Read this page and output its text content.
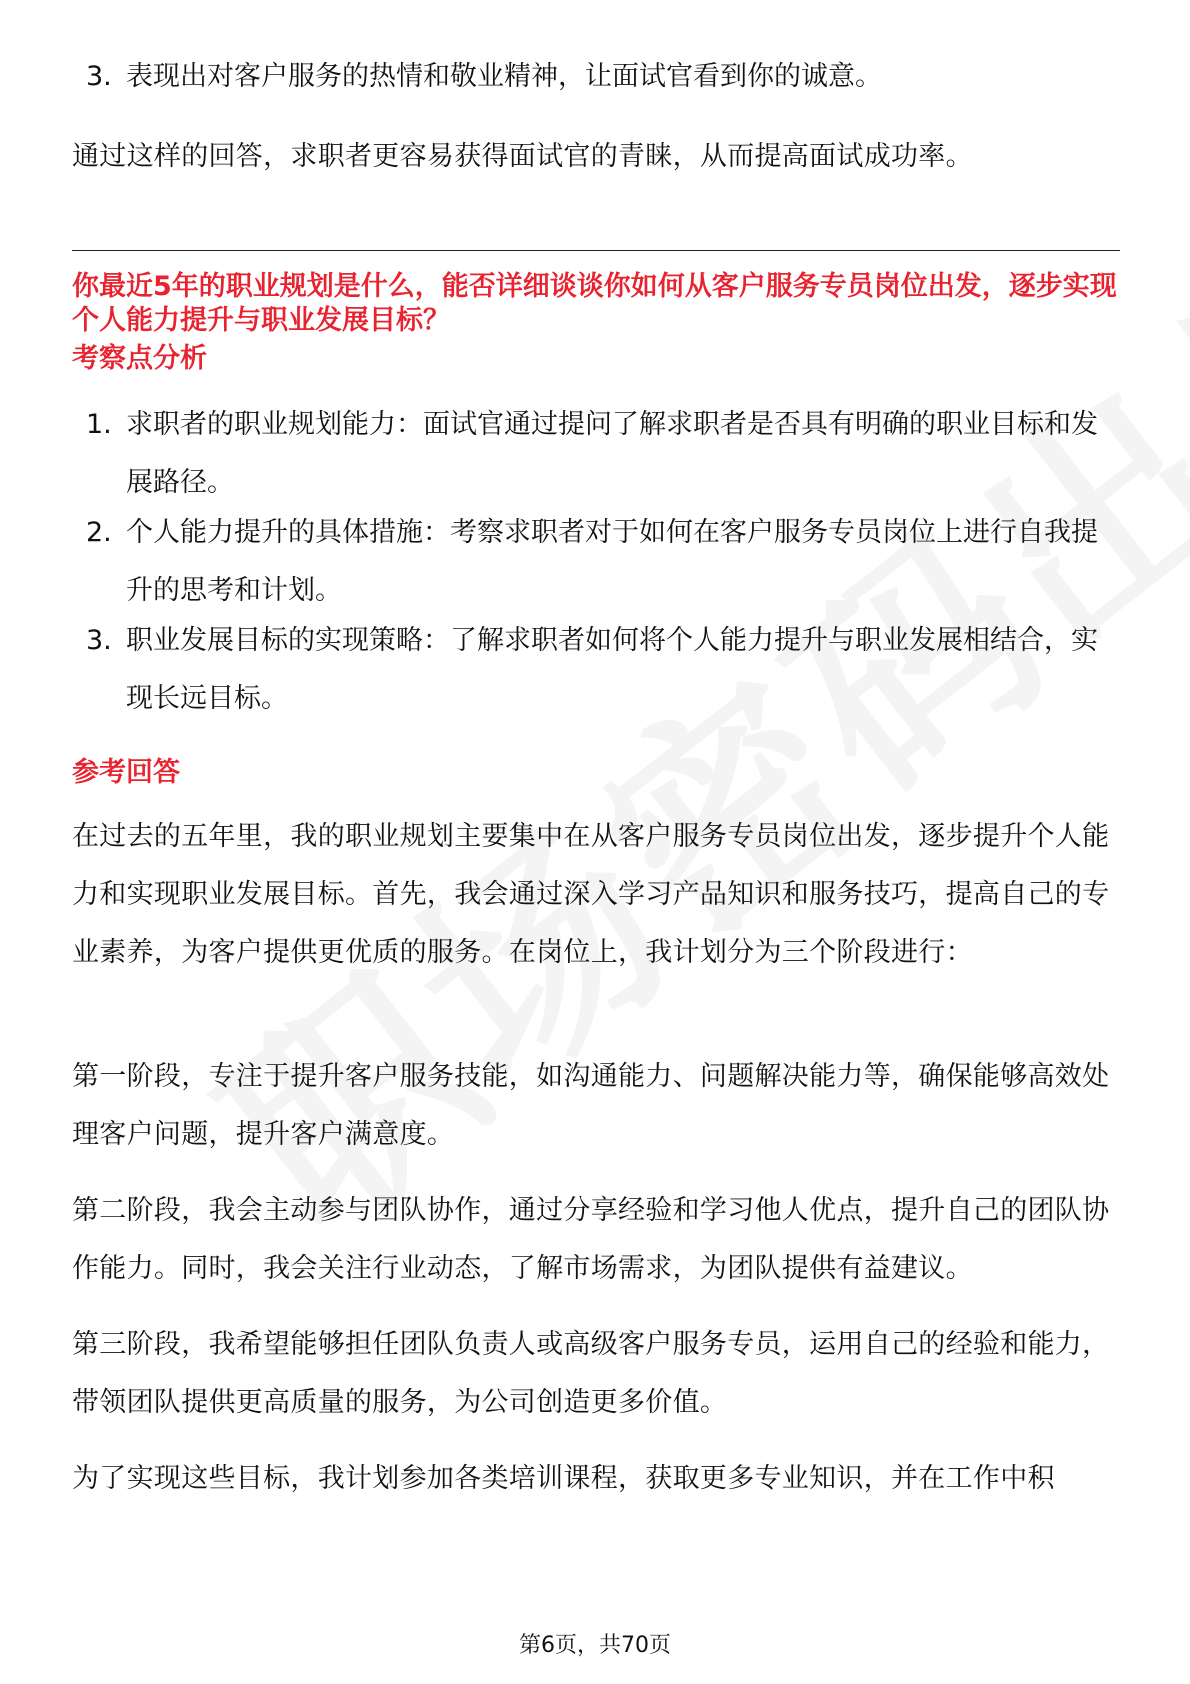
3. 表现出对客户服务的热情和敬业精神，让面试官看到你的诚意。

通过这样的回答，求职者更容易获得面试官的青睐，从而提高面试成功率。

你最近5年的职业规划是什么，能否详细谈谈你如何从客户服务专员岗位出发，逐步实现个人能力提升与职业发展目标？

考察点分析

1. 求职者的职业规划能力：面试官通过提问了解求职者是否具有明确的职业目标和发展路径。
2. 个人能力提升的具体措施：考察求职者对于如何在客户服务专员岗位上进行自我提升的思考和计划。
3. 职业发展目标的实现策略：了解求职者如何将个人能力提升与职业发展相结合，实现长远目标。

参考回答

在过去的五年里，我的职业规划主要集中在从客户服务专员岗位出发，逐步提升个人能力和实现职业发展目标。首先，我会通过深入学习产品知识和服务技巧，提高自己的专业素养，为客户提供更优质的服务。在岗位上，我计划分为三个阶段进行：

第一阶段，专注于提升客户服务技能，如沟通能力、问题解决能力等，确保能够高效处理客户问题，提升客户满意度。

第二阶段，我会主动参与团队协作，通过分享经验和学习他人优点，提升自己的团队协作能力。同时，我会关注行业动态，了解市场需求，为团队提供有益建议。

第三阶段，我希望能够担任团队负责人或高级客户服务专员，运用自己的经验和能力，带领团队提供更高质量的服务，为公司创造更多价值。

为了实现这些目标，我计划参加各类培训课程，获取更多专业知识，并在工作中积

第6页，共70页
